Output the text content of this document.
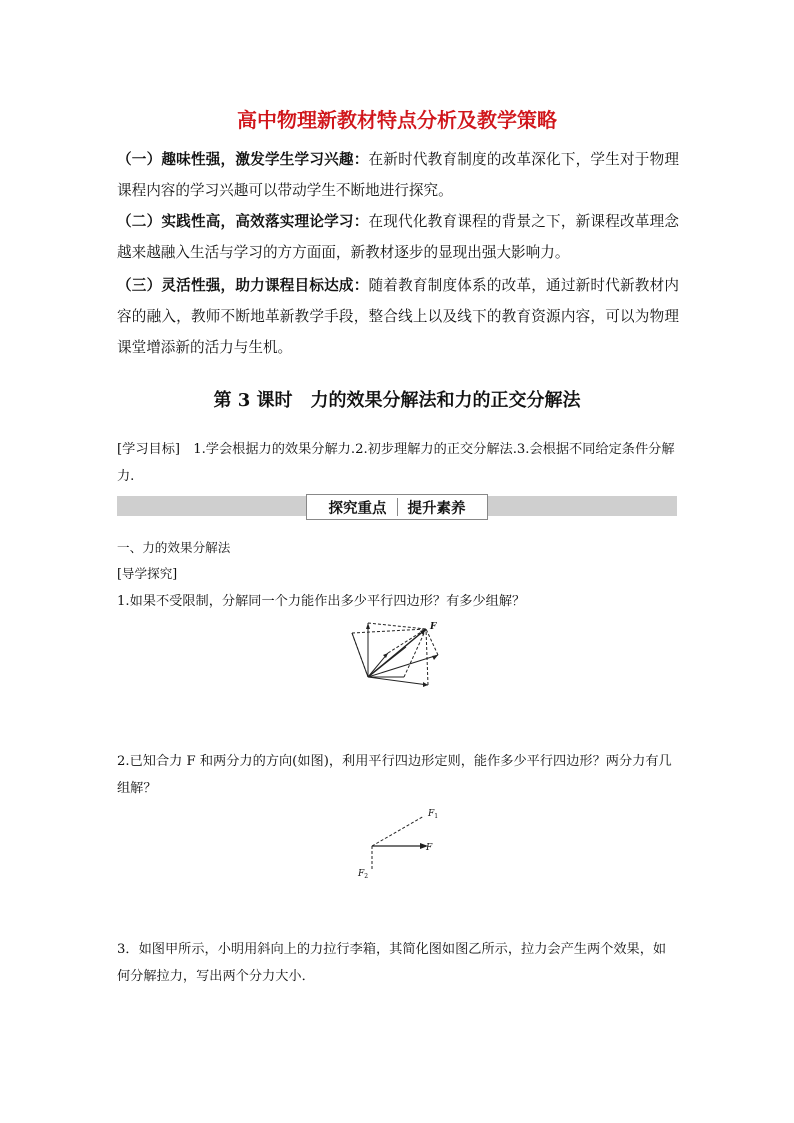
高中物理新教材特点分析及教学策略
（一）趣味性强，激发学生学习兴趣：在新时代教育制度的改革深化下，学生对于物理课程内容的学习兴趣可以带动学生不断地进行探究。
（二）实践性高，高效落实理论学习：在现代化教育课程的背景之下，新课程改革理念越来越融入生活与学习的方方面面，新教材逐步的显现出强大影响力。
（三）灵活性强，助力课程目标达成：随着教育制度体系的改革，通过新时代新教材内容的融入，教师不断地革新教学手段，整合线上以及线下的教育资源内容，可以为物理课堂增添新的活力与生机。
第 3 课时　力的效果分解法和力的正交分解法
[学习目标]　1.学会根据力的效果分解力.2.初步理解力的正交分解法.3.会根据不同给定条件分解力.
探究重点 提升素养
一、力的效果分解法
[导学探究]
1.如果不受限制，分解同一个力能作出多少平行四边形？有多少组解？
F
2.已知合力 F 和两分力的方向(如图)，利用平行四边形定则，能作多少平行四边形？两分力有几组解？
$F_1$
F
$F_2$
3．如图甲所示，小明用斜向上的力拉行李箱，其简化图如图乙所示，拉力会产生两个效果，如何分解拉力，写出两个分力大小．
